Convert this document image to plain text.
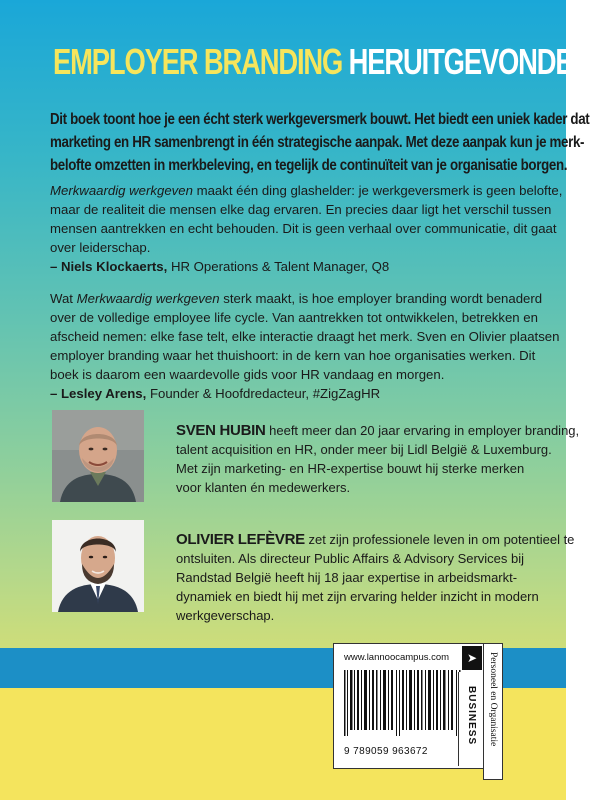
EMPLOYER BRANDING HERUITGEVONDEN
Dit boek toont hoe je een écht sterk werkgeversmerk bouwt. Het biedt een uniek kader dat
marketing en HR samenbrengt in één strategische aanpak. Met deze aanpak kun je merk-
belofte omzetten in merkbeleving, en tegelijk de continuïteit van je organisatie borgen.
Merkwaardig werkgeven maakt één ding glashelder: je werkgeversmerk is geen belofte,
maar de realiteit die mensen elke dag ervaren. En precies daar ligt het verschil tussen
mensen aantrekken en echt behouden. Dit is geen verhaal over communicatie, dit gaat
over leiderschap.
– Niels Klockaerts, HR Operations & Talent Manager, Q8
Wat Merkwaardig werkgeven sterk maakt, is hoe employer branding wordt benaderd
over de volledige employee life cycle. Van aantrekken tot ontwikkelen, betrekken en
afscheid nemen: elke fase telt, elke interactie draagt het merk. Sven en Olivier plaatsen
employer branding waar het thuishoort: in de kern van hoe organisaties werken. Dit
boek is daarom een waardevolle gids voor HR vandaag en morgen.
– Lesley Arens, Founder & Hoofdredacteur, #ZigZagHR
SVEN HUBIN heeft meer dan 20 jaar ervaring in employer branding,
talent acquisition en HR, onder meer bij Lidl België & Luxemburg.
Met zijn marketing- en HR-expertise bouwt hij sterke merken
voor klanten én medewerkers.
OLIVIER LEFÈVRE zet zijn professionele leven in om potentieel te
ontsluiten. Als directeur Public Affairs & Advisory Services bij
Randstad België heeft hij 18 jaar expertise in arbeidsmarkt-
dynamiek en biedt hij met zijn ervaring helder inzicht in modern
werkgeverschap.
www.lannoocampus.com	➤
9 789059 963672
BUSINESS Personeel en Organisatie
